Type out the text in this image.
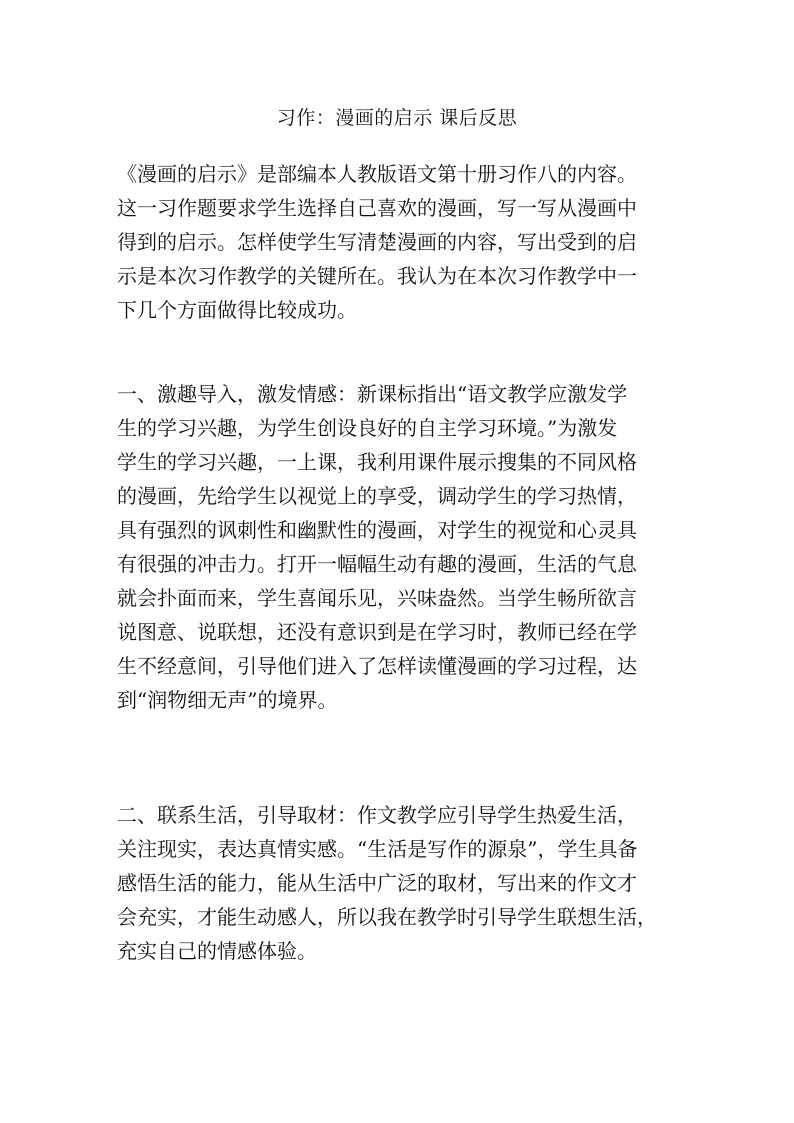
习作：漫画的启示 课后反思
《漫画的启示》是部编本人教版语文第十册习作八的内容。
这一习作题要求学生选择自己喜欢的漫画，写一写从漫画中
得到的启示。怎样使学生写清楚漫画的内容，写出受到的启
示是本次习作教学的关键所在。我认为在本次习作教学中一
下几个方面做得比较成功。
一、激趣导入，激发情感：新课标指出“语文教学应激发学
生的学习兴趣，为学生创设良好的自主学习环境。”为激发
学生的学习兴趣，一上课，我利用课件展示搜集的不同风格
的漫画，先给学生以视觉上的享受，调动学生的学习热情，
具有强烈的讽刺性和幽默性的漫画，对学生的视觉和心灵具
有很强的冲击力。打开一幅幅生动有趣的漫画，生活的气息
就会扑面而来，学生喜闻乐见，兴味盎然。当学生畅所欲言
说图意、说联想，还没有意识到是在学习时，教师已经在学
生不经意间，引导他们进入了怎样读懂漫画的学习过程，达
到“润物细无声”的境界。
二、联系生活，引导取材：作文教学应引导学生热爱生活，
关注现实，表达真情实感。“生活是写作的源泉”，学生具备
感悟生活的能力，能从生活中广泛的取材，写出来的作文才
会充实，才能生动感人，所以我在教学时引导学生联想生活，
充实自己的情感体验。
